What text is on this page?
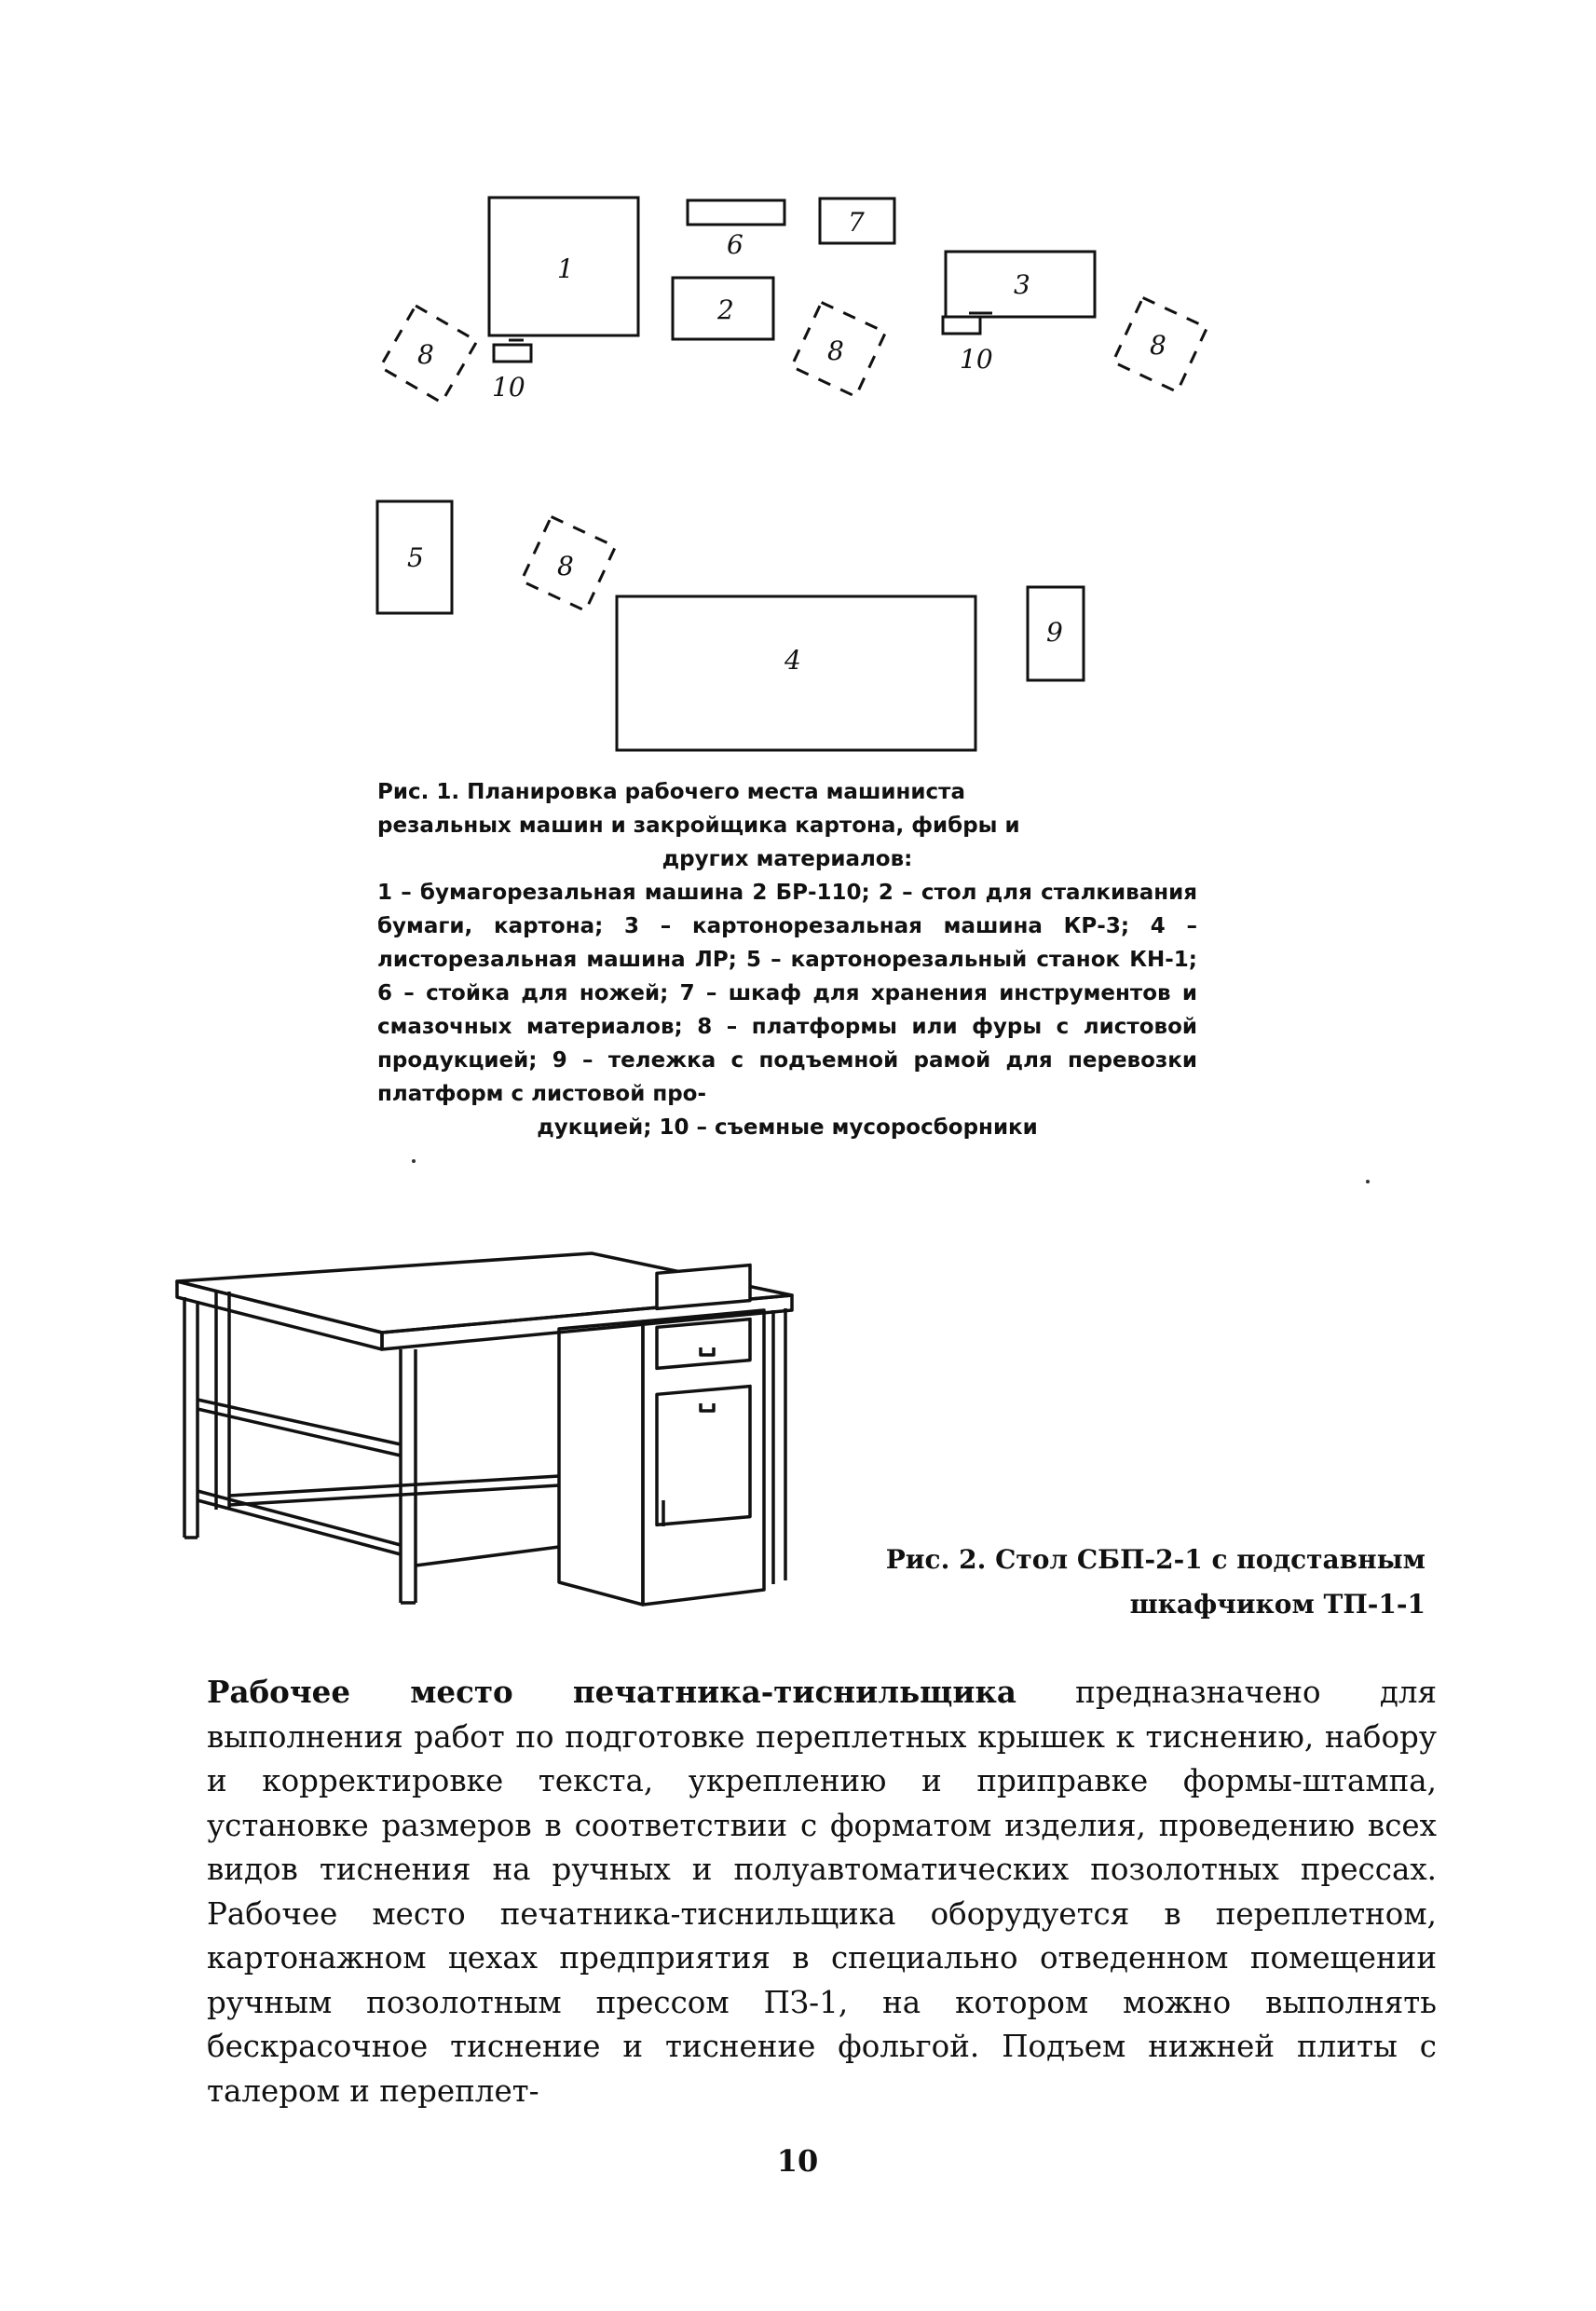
1
6
7
2
3
10
10
8	8	8
8
5
4
9
Рис. 1. Планировка рабочего места машиниста
резальных машин и закройщика картона, фибры и
других материалов:
1 – бумагорезальная машина 2 БР-110; 2 – стол для сталкивания бумаги, картона; 3 – картонорезальная машина КР-3; 4 – листорезальная машина ЛР; 5 – картонорезальный станок КН-1; 6 – стойка для ножей; 7 – шкаф для хранения инструментов и смазочных материалов; 8 – платформы или фуры с листовой продукцией; 9 – тележка с подъемной рамой для перевозки платформ с листовой про-
дукцией; 10 – съемные мусоросборники
Рис. 2. Стол СБП-2-1 с подставным
шкафчиком ТП-1-1
Рабочее место печатника-тиснильщика предназначено для выполнения работ по подготовке переплетных крышек к тиснению, набору и корректировке текста, укреплению и приправке формы-штампа, установке размеров в соответствии с форматом изделия, проведению всех видов тиснения на ручных и полуавтоматических позолотных прессах. Рабочее место печатника-тиснильщика оборудуется в переплетном, картонажном цехах предприятия в специально отведенном помещении ручным позолотным прессом ПЗ-1, на котором можно выполнять бескрасочное тиснение и тиснение фольгой. Подъем нижней плиты с талером и переплет-
10
